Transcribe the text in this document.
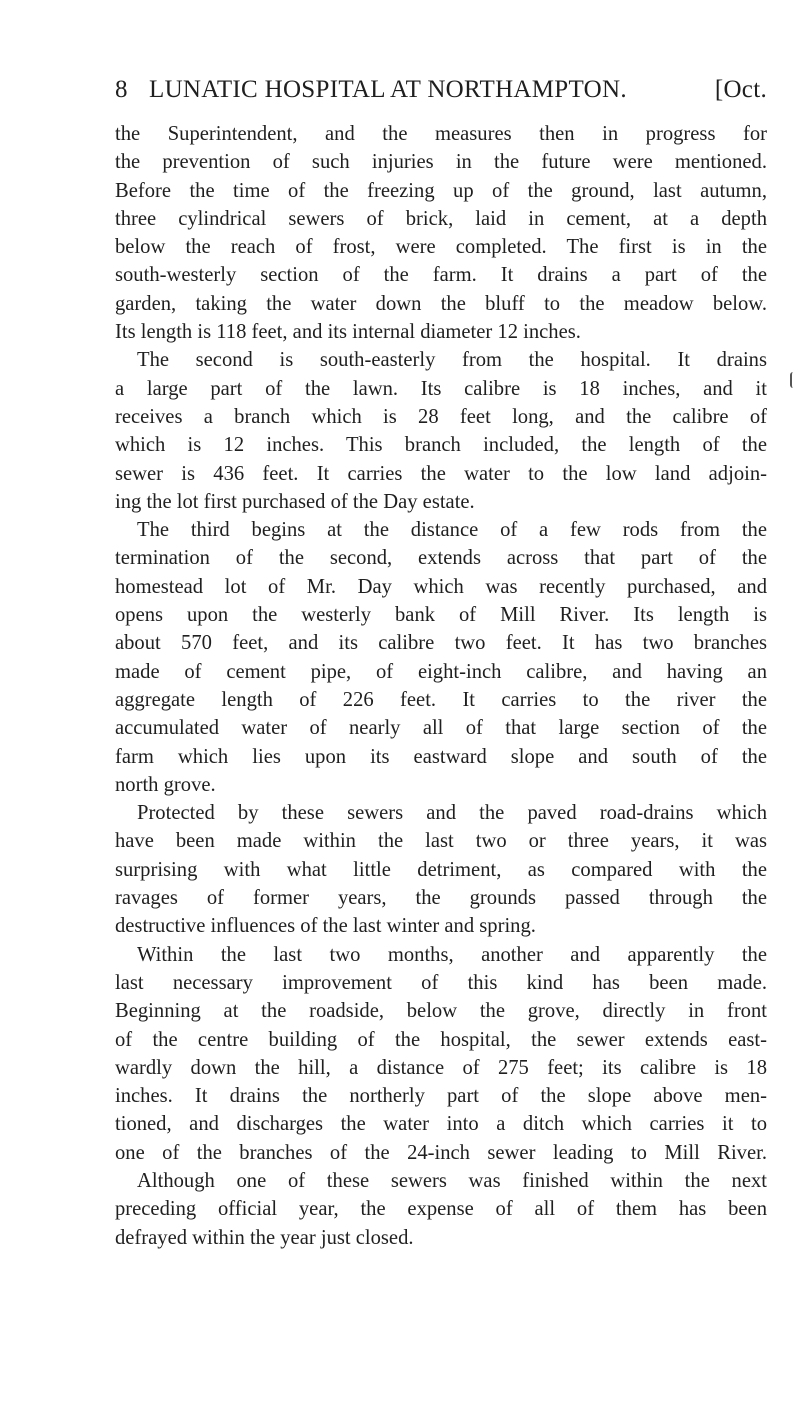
8 LUNATIC HOSPITAL AT NORTHAMPTON.	[Oct.
the Superintendent, and the measures then in progress for
the prevention of such injuries in the future were mentioned.
Before the time of the freezing up of the ground, last autumn,
three cylindrical sewers of brick, laid in cement, at a depth
below the reach of frost, were completed. The first is in the
south-westerly section of the farm. It drains a part of the
garden, taking the water down the bluff to the meadow below.
Its length is 118 feet, and its internal diameter 12 inches.
The second is south-easterly from the hospital. It drains
a large part of the lawn. Its calibre is 18 inches, and it
receives a branch which is 28 feet long, and the calibre of
which is 12 inches. This branch included, the length of the
sewer is 436 feet. It carries the water to the low land adjoin-
ing the lot first purchased of the Day estate.
The third begins at the distance of a few rods from the
termination of the second, extends across that part of the
homestead lot of Mr. Day which was recently purchased, and
opens upon the westerly bank of Mill River. Its length is
about 570 feet, and its calibre two feet. It has two branches
made of cement pipe, of eight-inch calibre, and having an
aggregate length of 226 feet. It carries to the river the
accumulated water of nearly all of that large section of the
farm which lies upon its eastward slope and south of the
north grove.
Protected by these sewers and the paved road-drains which
have been made within the last two or three years, it was
surprising with what little detriment, as compared with the
ravages of former years, the grounds passed through the
destructive influences of the last winter and spring.
Within the last two months, another and apparently the
last necessary improvement of this kind has been made.
Beginning at the roadside, below the grove, directly in front
of the centre building of the hospital, the sewer extends east-
wardly down the hill, a distance of 275 feet; its calibre is 18
inches. It drains the northerly part of the slope above men-
tioned, and discharges the water into a ditch which carries it to
one of the branches of the 24-inch sewer leading to Mill River.
Although one of these sewers was finished within the next
preceding official year, the expense of all of them has been
defrayed within the year just closed.
